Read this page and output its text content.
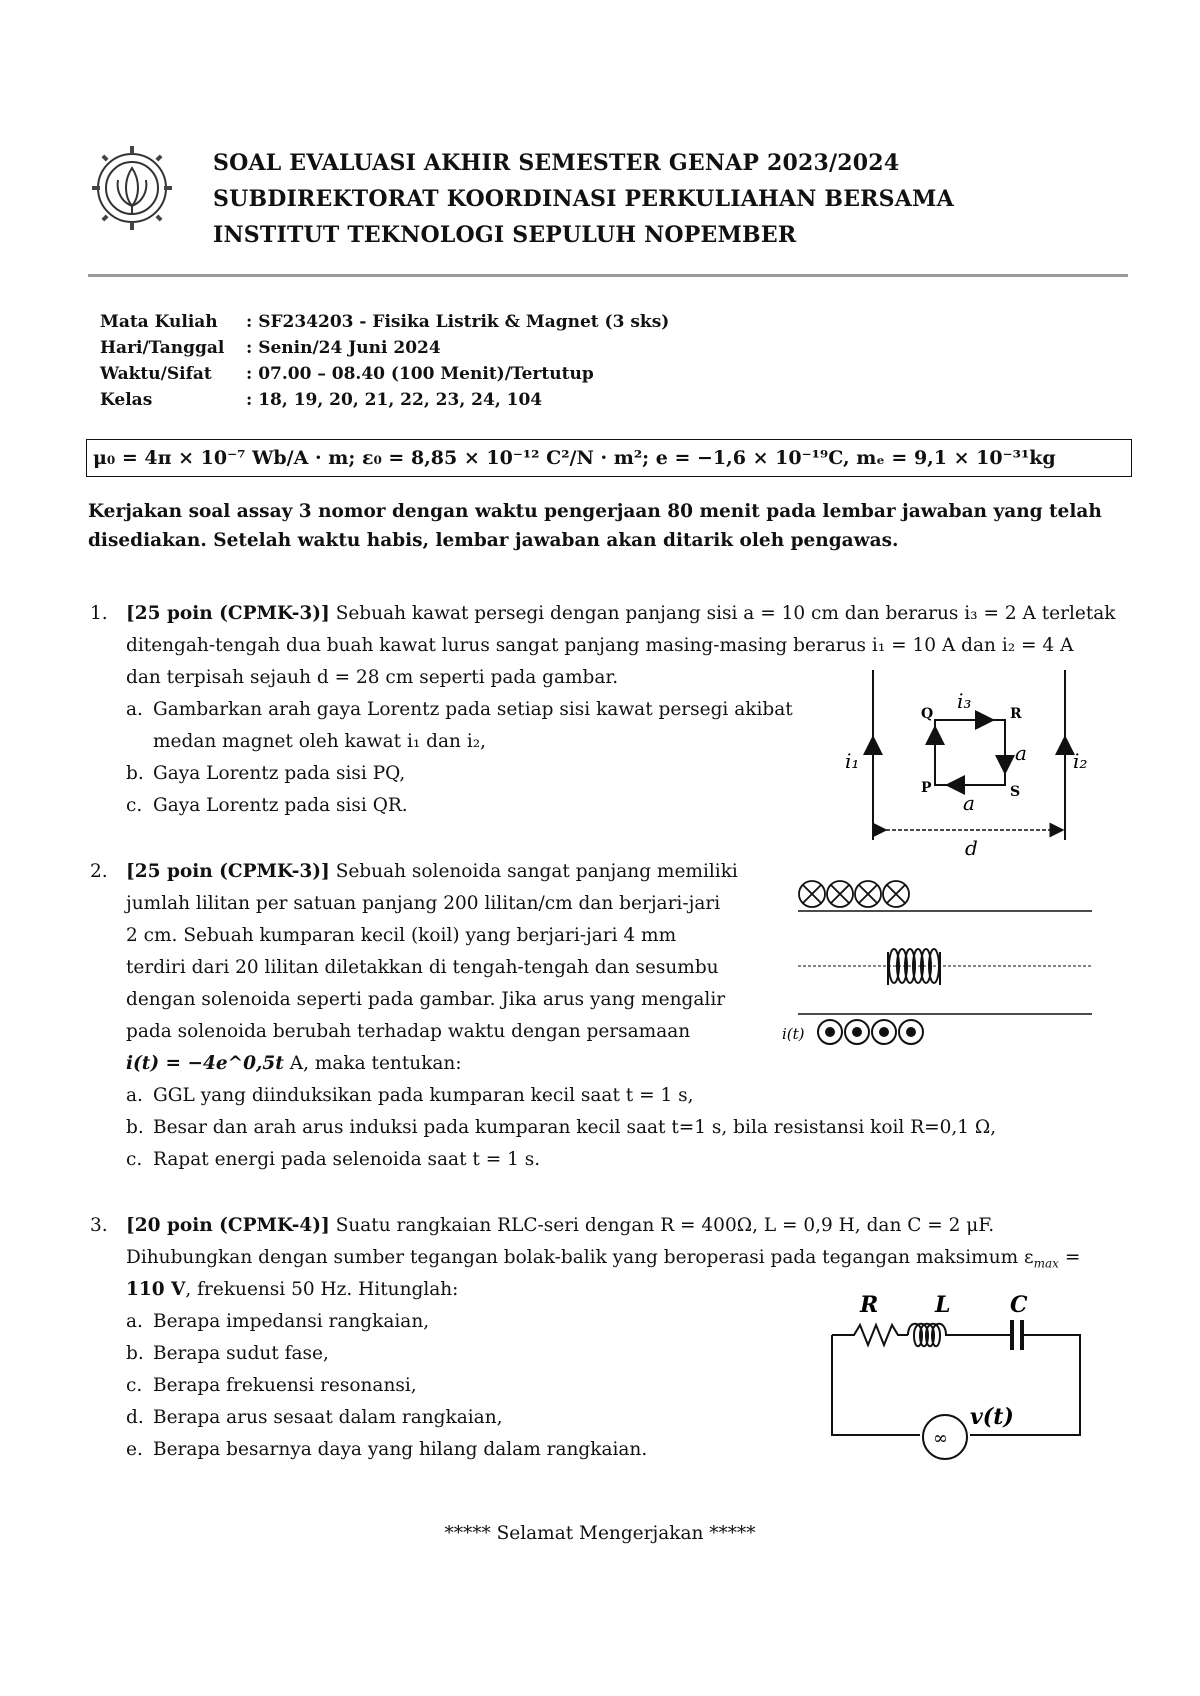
SOAL EVALUASI AKHIR SEMESTER GENAP 2023/2024
SUBDIREKTORAT KOORDINASI PERKULIAHAN BERSAMA
INSTITUT TEKNOLOGI SEPULUH NOPEMBER
Mata Kuliah	: SF234203 - Fisika Listrik & Magnet (3 sks)
Hari/Tanggal	: Senin/24 Juni 2024
Waktu/Sifat	: 07.00 – 08.40 (100 Menit)/Tertutup
Kelas	: 18, 19, 20, 21, 22, 23, 24, 104
μ₀ = 4π × 10⁻⁷ Wb/A · m; ε₀ = 8,85 × 10⁻¹² C²/N · m²; e = −1,6 × 10⁻¹⁹C, mₑ = 9,1 × 10⁻³¹kg
Kerjakan soal assay 3 nomor dengan waktu pengerjaan 80 menit pada lembar jawaban yang telah
disediakan. Setelah waktu habis, lembar jawaban akan ditarik oleh pengawas.
1. [25 poin (CPMK-3)] Sebuah kawat persegi dengan panjang sisi a = 10 cm dan berarus i₃ = 2 A terletak
ditengah-tengah dua buah kawat lurus sangat panjang masing-masing berarus i₁ = 10 A dan i₂ = 4 A
dan terpisah sejauh d = 28 cm seperti pada gambar.
a. Gambarkan arah gaya Lorentz pada setiap sisi kawat persegi akibat
medan magnet oleh kawat i₁ dan i₂,
b. Gaya Lorentz pada sisi PQ,
c. Gaya Lorentz pada sisi QR.
Q	R
P	S
i₃
a
a
i₁	i₂
d
2. [25 poin (CPMK-3)] Sebuah solenoida sangat panjang memiliki
jumlah lilitan per satuan panjang 200 lilitan/cm dan berjari-jari
2 cm. Sebuah kumparan kecil (koil) yang berjari-jari 4 mm
terdiri dari 20 lilitan diletakkan di tengah-tengah dan sesumbu
dengan solenoida seperti pada gambar. Jika arus yang mengalir
pada solenoida berubah terhadap waktu dengan persamaan
i(t) = −4e^0,5t A, maka tentukan:
a. GGL yang diinduksikan pada kumparan kecil saat t = 1 s,
b. Besar dan arah arus induksi pada kumparan kecil saat t=1 s, bila resistansi koil R=0,1 Ω,
c. Rapat energi pada selenoida saat t = 1 s.
i(t)
3. [20 poin (CPMK-4)] Suatu rangkaian RLC-seri dengan R = 400Ω, L = 0,9 H, dan C = 2 μF.
Dihubungkan dengan sumber tegangan bolak-balik yang beroperasi pada tegangan maksimum $\varepsilon_{max}$ =
110 V, frekuensi 50 Hz. Hitunglah:
a. Berapa impedansi rangkaian,
b. Berapa sudut fase,
c. Berapa frekuensi resonansi,
d. Berapa arus sesaat dalam rangkaian,
e. Berapa besarnya daya yang hilang dalam rangkaian.
∞
R	L	C
v(t)
***** Selamat Mengerjakan *****
